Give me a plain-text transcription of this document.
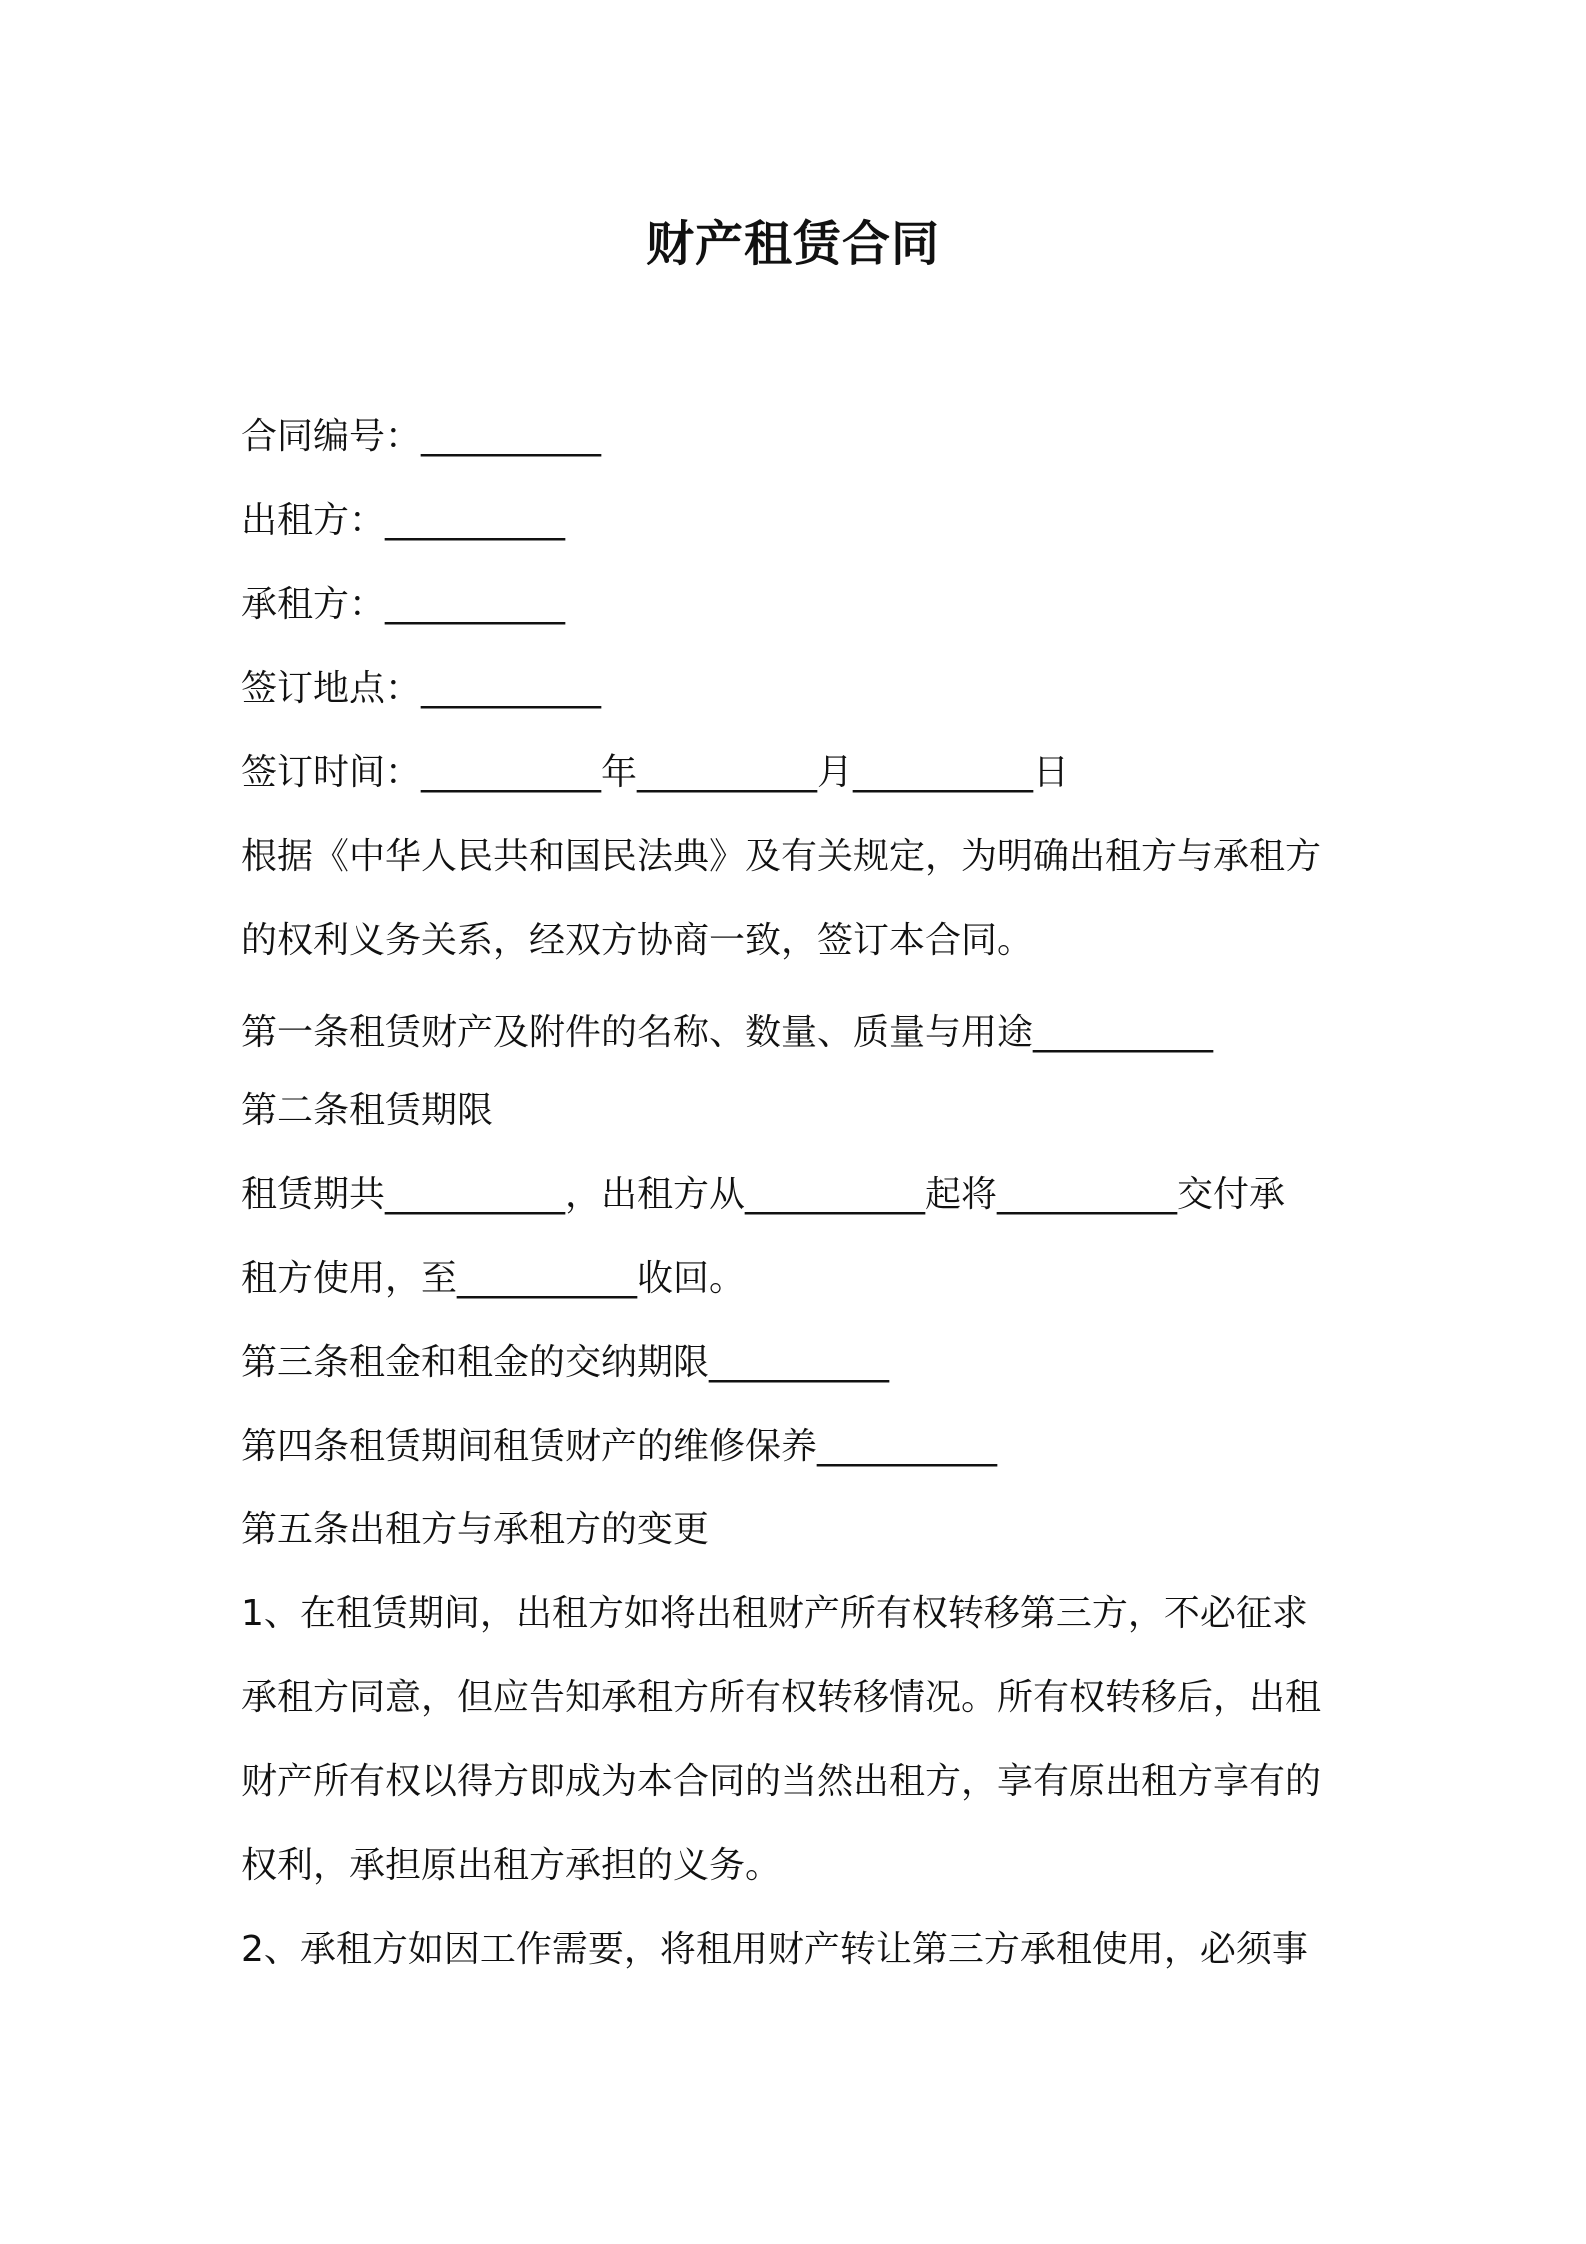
财产租赁合同
合同编号：__________
出租方：__________
承租方：__________
签订地点：__________
签订时间：__________年__________月__________日
根据《中华人民共和国民法典》及有关规定，为明确出租方与承租方
的权利义务关系，经双方协商一致，签订本合同。
第一条租赁财产及附件的名称、数量、质量与用途__________
第二条租赁期限
租赁期共__________，出租方从__________起将__________交付承
租方使用，至__________收回。
第三条租金和租金的交纳期限__________
第四条租赁期间租赁财产的维修保养__________
第五条出租方与承租方的变更
1、在租赁期间，出租方如将出租财产所有权转移第三方，不必征求
承租方同意，但应告知承租方所有权转移情况。所有权转移后，出租
财产所有权以得方即成为本合同的当然出租方，享有原出租方享有的
权利，承担原出租方承担的义务。
2、承租方如因工作需要，将租用财产转让第三方承租使用，必须事
